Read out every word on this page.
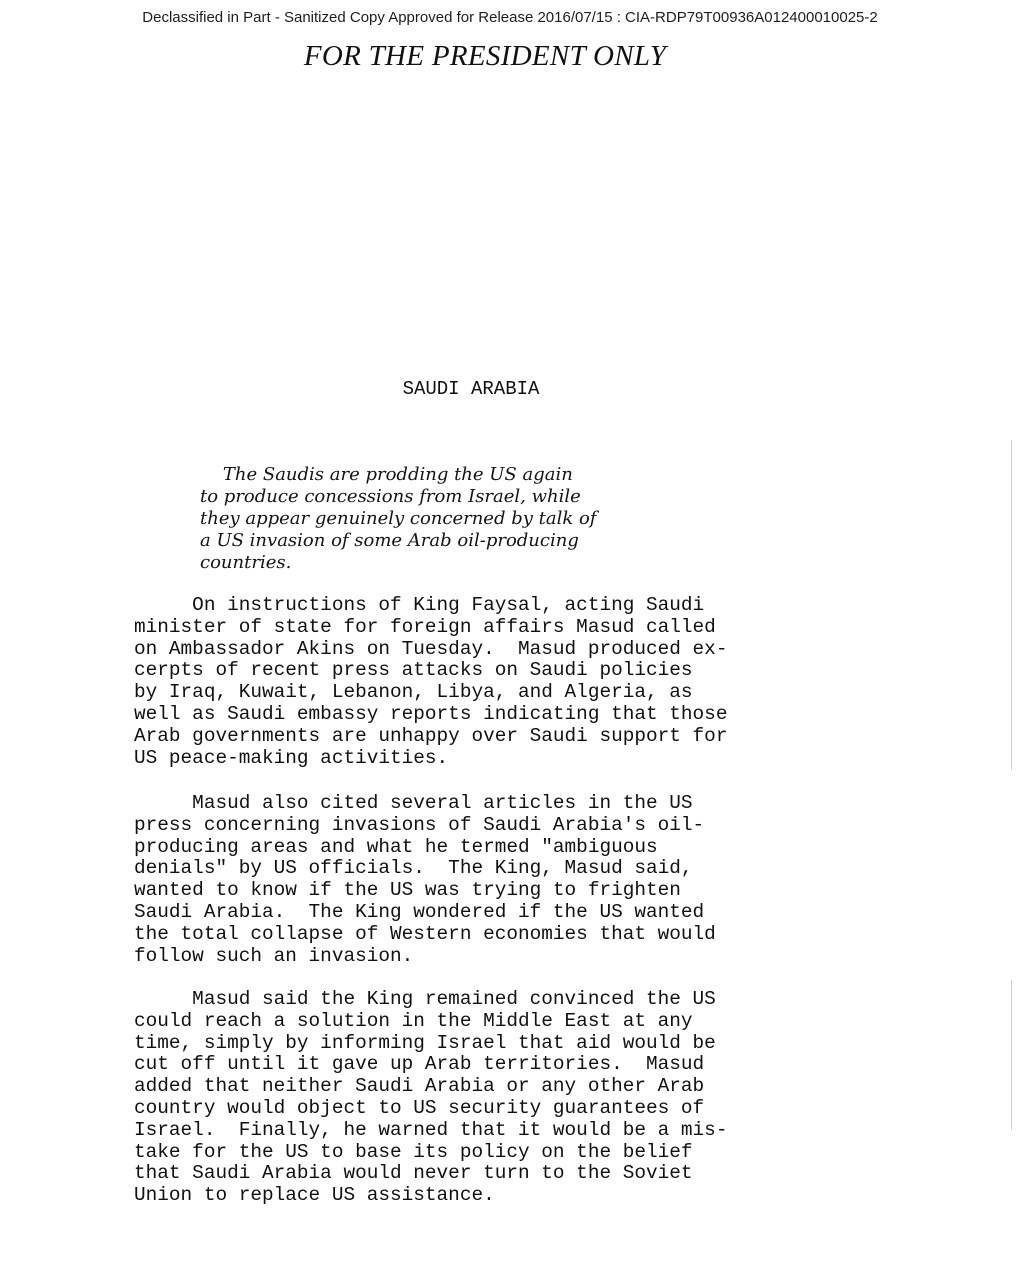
Declassified in Part - Sanitized Copy Approved for Release 2016/07/15 : CIA-RDP79T00936A012400010025-2
FOR THE PRESIDENT ONLY
SAUDI ARABIA
The Saudis are prodding the US again
to produce concessions from Israel, while
they appear genuinely concerned by talk of
a US invasion of some Arab oil-producing
countries.
On instructions of King Faysal, acting Saudi
minister of state for foreign affairs Masud called
on Ambassador Akins on Tuesday.  Masud produced ex-
cerpts of recent press attacks on Saudi policies
by Iraq, Kuwait, Lebanon, Libya, and Algeria, as
well as Saudi embassy reports indicating that those
Arab governments are unhappy over Saudi support for
US peace-making activities.
Masud also cited several articles in the US
press concerning invasions of Saudi Arabia's oil-
producing areas and what he termed "ambiguous
denials" by US officials.  The King, Masud said,
wanted to know if the US was trying to frighten
Saudi Arabia.  The King wondered if the US wanted
the total collapse of Western economies that would
follow such an invasion.
Masud said the King remained convinced the US
could reach a solution in the Middle East at any
time, simply by informing Israel that aid would be
cut off until it gave up Arab territories.  Masud
added that neither Saudi Arabia or any other Arab
country would object to US security guarantees of
Israel.  Finally, he warned that it would be a mis-
take for the US to base its policy on the belief
that Saudi Arabia would never turn to the Soviet
Union to replace US assistance.
